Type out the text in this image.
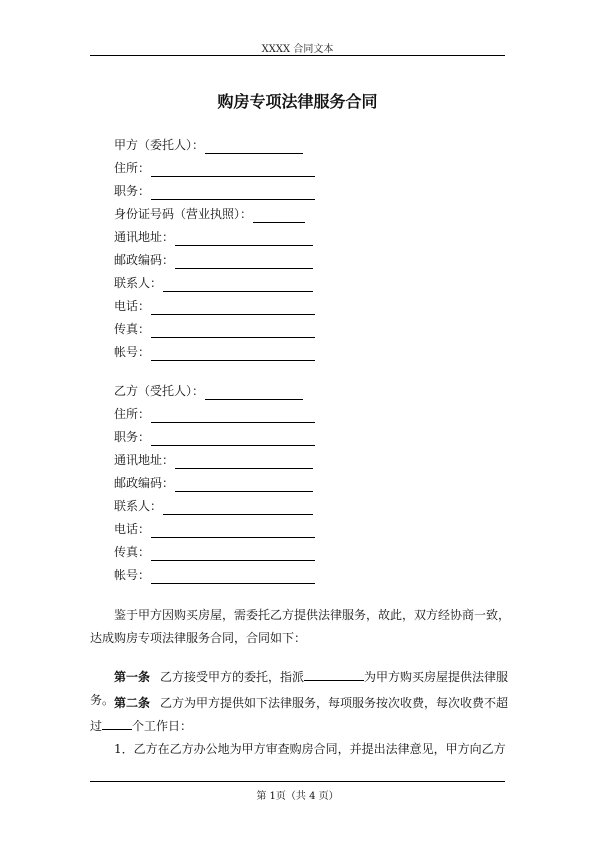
XXXX 合同文本
购房专项法律服务合同
甲方（委托人）：
住所：
职务：
身份证号码（营业执照）：
通讯地址：
邮政编码：
联系人：
电话：
传真：
帐号：
乙方（受托人）：
住所：
职务：
通讯地址：
邮政编码：
联系人：
电话：
传真：
帐号：
鉴于甲方因购买房屋，需委托乙方提供法律服务，故此，双方经协商一致，达成购房专项法律服务合同，合同如下：
第一条 乙方接受甲方的委托，指派	为甲方购买房屋提供法律服务。 第二条 乙方为甲方提供如下法律服务，每项服务按次收费，每次收费不超过	个工作日：
1．乙方在乙方办公地为甲方审查购房合同，并提出法律意见，甲方向乙方
第 1页（共 4 页）
